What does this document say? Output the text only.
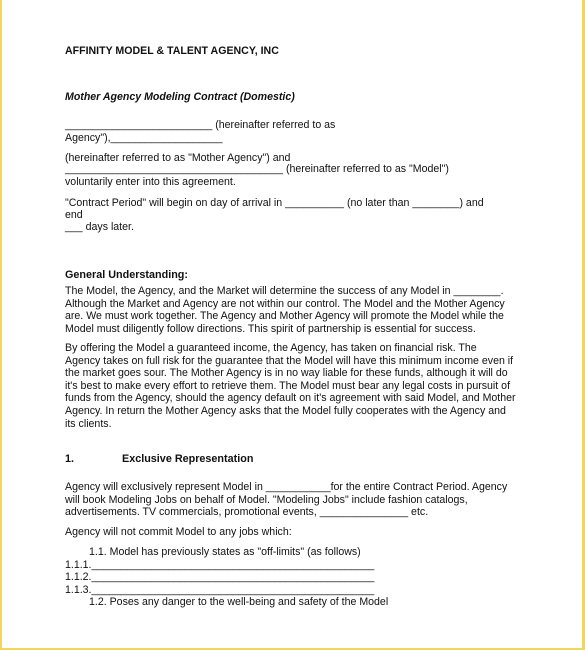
AFFINITY MODEL & TALENT AGENCY, INC
Mother Agency Modeling Contract (Domestic)
_________________________ (hereinafter referred to as
Agency"),___________________
(hereinafter referred to as "Mother Agency") and
_____________________________________ (hereinafter referred to as "Model")
voluntarily enter into this agreement.
"Contract Period" will begin on day of arrival in __________ (no later than ________) and
end
___ days later.
General Understanding:
The Model, the Agency, and the Market will determine the success of any Model in ________.
Although the Market and Agency are not within our control. The Model and the Mother Agency
are. We must work together. The Agency and Mother Agency will promote the Model while the
Model must diligently follow directions. This spirit of partnership is essential for success.
By offering the Model a guaranteed income, the Agency, has taken on financial risk. The
Agency takes on full risk for the guarantee that the Model will have this minimum income even if
the market goes sour. The Mother Agency is in no way liable for these funds, although it will do
it's best to make every effort to retrieve them. The Model must bear any legal costs in pursuit of
funds from the Agency, should the agency default on it's agreement with said Model, and Mother
Agency. In return the Mother Agency asks that the Model fully cooperates with the Agency and
its clients.
1.	Exclusive Representation
Agency will exclusively represent Model in ___________for the entire Contract Period. Agency
will book Modeling Jobs on behalf of Model. "Modeling Jobs" include fashion catalogs,
advertisements. TV commercials, promotional events, _______________ etc.
Agency will not commit Model to any jobs which:
1.1. Model has previously states as "off-limits" (as follows)
1.1.1.________________________________________________
1.1.2.________________________________________________
1.1.3.________________________________________________
1.2. Poses any danger to the well-being and safety of the Model
